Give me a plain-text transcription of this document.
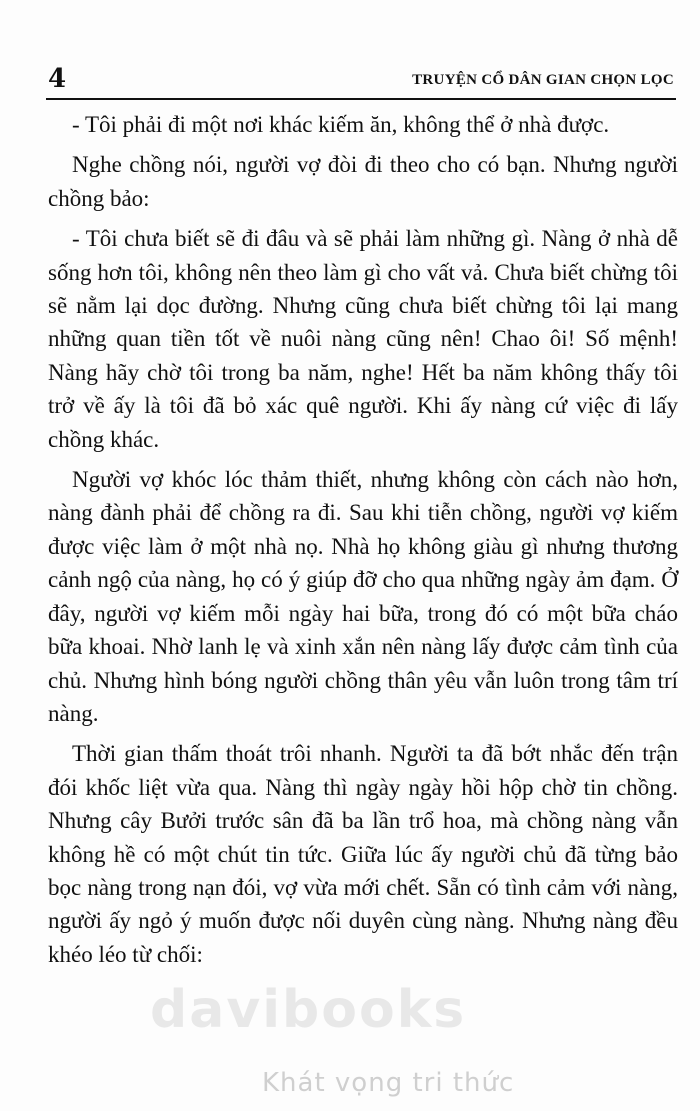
4	TRUYỆN CỔ DÂN GIAN CHỌN LỌC

- Tôi phải đi một nơi khác kiếm ăn, không thể ở nhà được.

Nghe chồng nói, người vợ đòi đi theo cho có bạn. Nhưng người chồng bảo:

- Tôi chưa biết sẽ đi đâu và sẽ phải làm những gì. Nàng ở nhà dễ sống hơn tôi, không nên theo làm gì cho vất vả. Chưa biết chừng tôi sẽ nằm lại dọc đường. Nhưng cũng chưa biết chừng tôi lại mang những quan tiền tốt về nuôi nàng cũng nên! Chao ôi! Số mệnh! Nàng hãy chờ tôi trong ba năm, nghe! Hết ba năm không thấy tôi trở về ấy là tôi đã bỏ xác quê người. Khi ấy nàng cứ việc đi lấy chồng khác.

Người vợ khóc lóc thảm thiết, nhưng không còn cách nào hơn, nàng đành phải để chồng ra đi. Sau khi tiễn chồng, người vợ kiếm được việc làm ở một nhà nọ. Nhà họ không giàu gì nhưng thương cảnh ngộ của nàng, họ có ý giúp đỡ cho qua những ngày ảm đạm. Ở đây, người vợ kiếm mỗi ngày hai bữa, trong đó có một bữa cháo bữa khoai. Nhờ lanh lẹ và xinh xắn nên nàng lấy được cảm tình của chủ. Nhưng hình bóng người chồng thân yêu vẫn luôn trong tâm trí nàng.

Thời gian thấm thoát trôi nhanh. Người ta đã bớt nhắc đến trận đói khốc liệt vừa qua. Nàng thì ngày ngày hồi hộp chờ tin chồng. Nhưng cây Bưởi trước sân đã ba lần trổ hoa, mà chồng nàng vẫn không hề có một chút tin tức. Giữa lúc ấy người chủ đã từng bảo bọc nàng trong nạn đói, vợ vừa mới chết. Sẵn có tình cảm với nàng, người ấy ngỏ ý muốn được nối duyên cùng nàng. Nhưng nàng đều khéo léo từ chối:

davibooks
Khát vọng tri thức
